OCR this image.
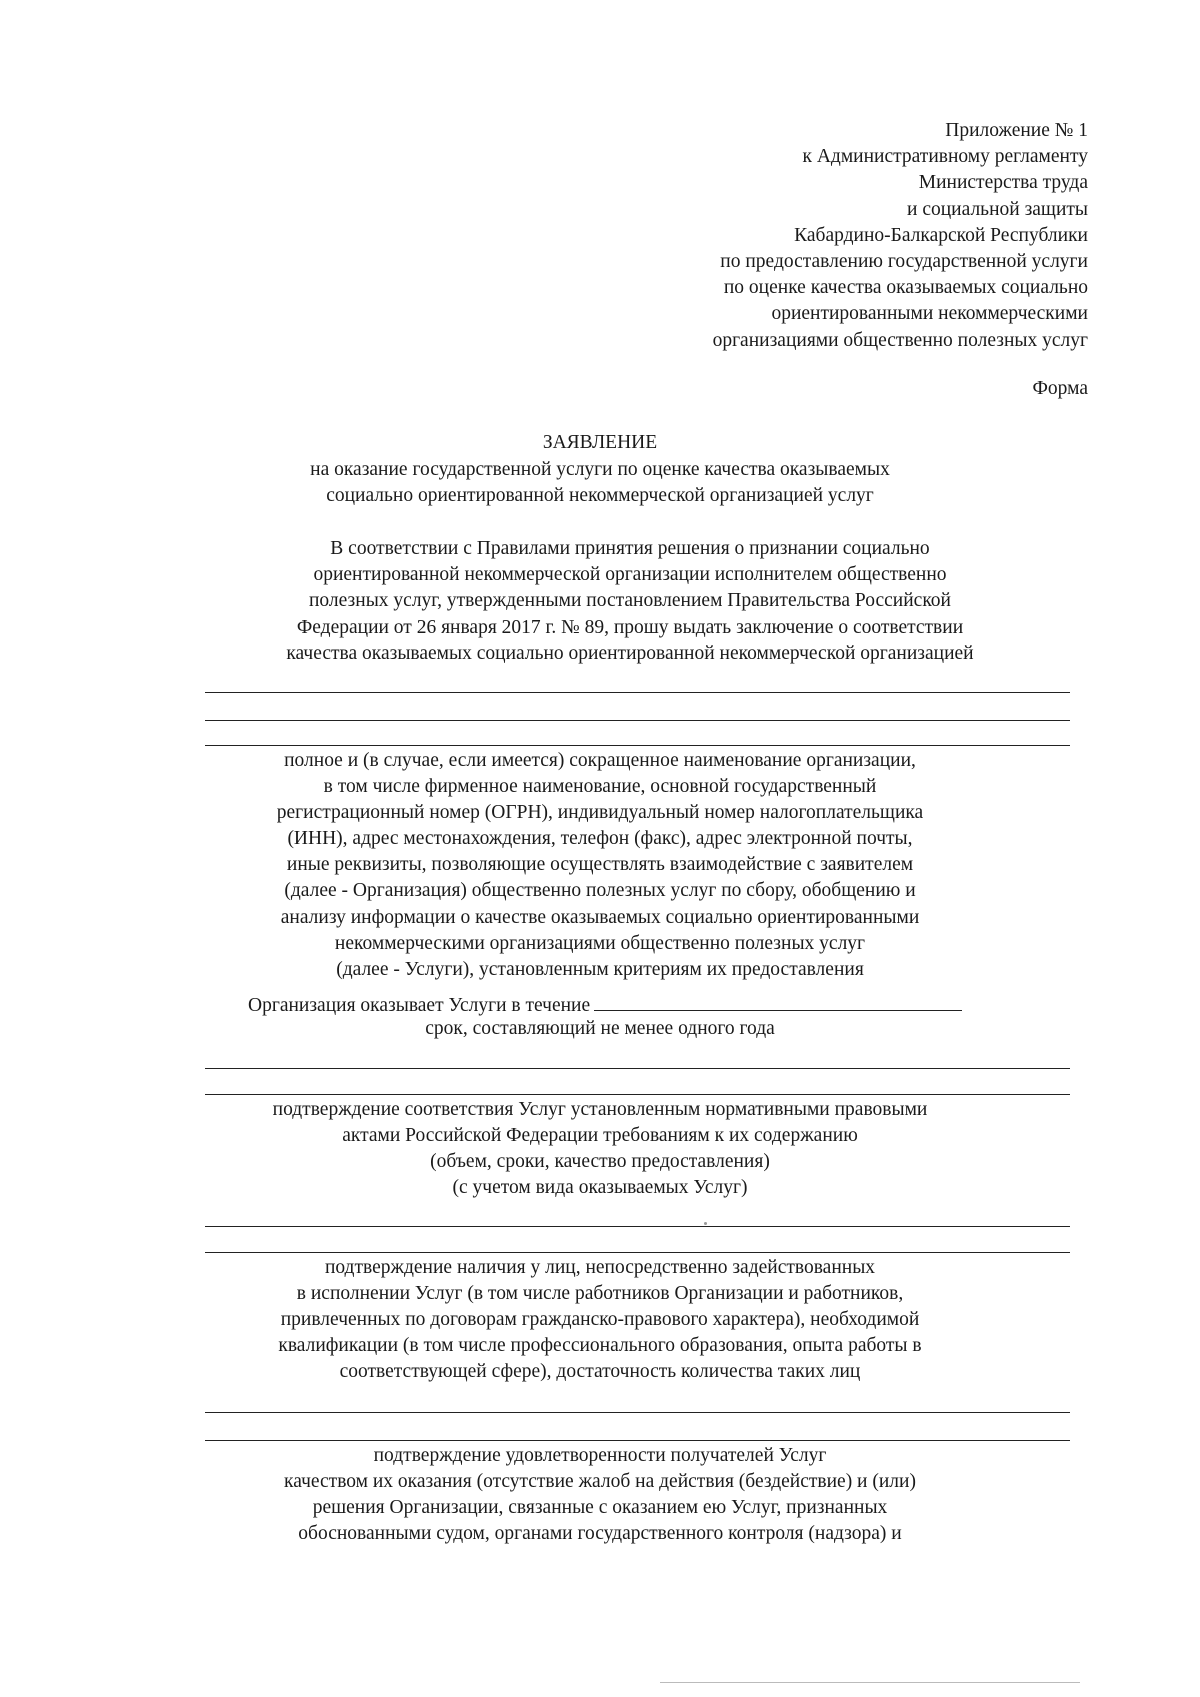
Приложение № 1
к Административному регламенту
Министерства труда
и социальной защиты
Кабардино-Балкарской Республики
по предоставлению государственной услуги
по оценке качества оказываемых социально
ориентированными некоммерческими
организациями общественно полезных услуг
Форма
ЗАЯВЛЕНИЕ
на оказание государственной услуги по оценке качества оказываемых
социально ориентированной некоммерческой организацией услуг
В соответствии с Правилами принятия решения о признании социально
ориентированной некоммерческой организации исполнителем общественно
полезных услуг, утвержденными постановлением Правительства Российской
Федерации от 26 января 2017 г. № 89, прошу выдать заключение о соответствии
качества оказываемых социально ориентированной некоммерческой организацией
полное и (в случае, если имеется) сокращенное наименование организации,
в том числе фирменное наименование, основной государственный
регистрационный номер (ОГРН), индивидуальный номер налогоплательщика
(ИНН), адрес местонахождения, телефон (факс), адрес электронной почты,
иные реквизиты, позволяющие осуществлять взаимодействие с заявителем
(далее - Организация) общественно полезных услуг по сбору, обобщению и
анализу информации о качестве оказываемых социально ориентированными
некоммерческими организациями общественно полезных услуг
(далее - Услуги), установленным критериям их предоставления
Организация оказывает Услуги в течение
срок, составляющий не менее одного года
подтверждение соответствия Услуг установленным нормативными правовыми
актами Российской Федерации требованиям к их содержанию
(объем, сроки, качество предоставления)
(с учетом вида оказываемых Услуг)
подтверждение наличия у лиц, непосредственно задействованных
в исполнении Услуг (в том числе работников Организации и работников,
привлеченных по договорам гражданско-правового характера), необходимой
квалификации (в том числе профессионального образования, опыта работы в
соответствующей сфере), достаточность количества таких лиц
подтверждение удовлетворенности получателей Услуг
качеством их оказания (отсутствие жалоб на действия (бездействие) и (или)
решения Организации, связанные с оказанием ею Услуг, признанных
обоснованными судом, органами государственного контроля (надзора) и
